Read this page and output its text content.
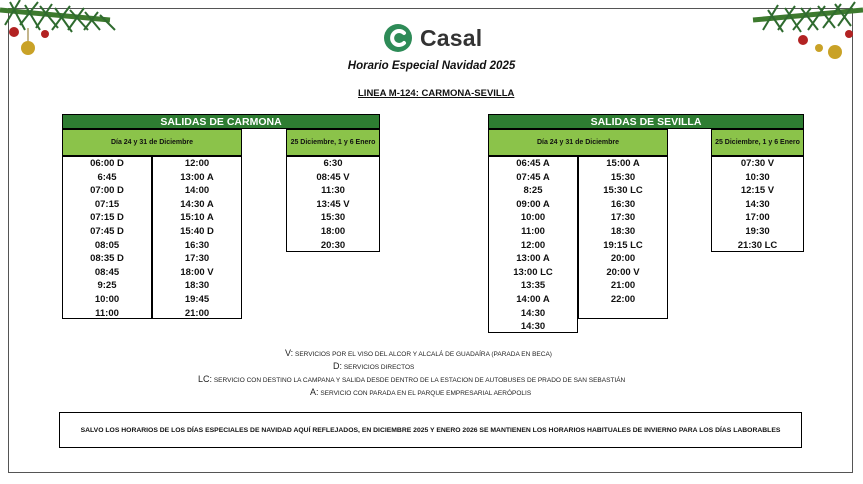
Casal
Horario Especial Navidad 2025
LINEA M-124: CARMONA-SEVILLA
SALIDAS DE CARMONA
Día 24 y 31 de Diciembre	25 Diciembre, 1 y 6 Enero
06:00 D
6:45
07:00 D
07:15
07:15 D
07:45 D
08:05
08:35 D
08:45
9:25
10:00
11:00
12:00
13:00 A
14:00
14:30 A
15:10 A
15:40 D
16:30
17:30
18:00 V
18:30
19:45
21:00
6:30
08:45 V
11:30
13:45 V
15:30
18:00
20:30
SALIDAS DE SEVILLA
Día 24 y 31 de Diciembre	25 Diciembre, 1 y 6 Enero
06:45 A
07:45 A
8:25
09:00 A
10:00
11:00
12:00
13:00 A
13:00 LC
13:35
14:00 A
14:30
14:30
15:00 A
15:30
15:30 LC
16:30
17:30
18:30
19:15 LC
20:00
20:00 V
21:00
22:00
07:30 V
10:30
12:15 V
14:30
17:00
19:30
21:30 LC
V: SERVICIOS POR EL VISO DEL ALCOR Y ALCALÁ DE GUADAÍRA (PARADA EN BECA)
D: SERVICIOS DIRECTOS
LC: SERVICIO CON DESTINO LA CAMPANA Y SALIDA DESDE DENTRO DE LA ESTACION DE AUTOBUSES DE PRADO DE SAN SEBASTIÁN
A: SERVICIO CON PARADA EN EL PARQUE EMPRESARIAL AERÓPOLIS
SALVO LOS HORARIOS DE LOS DÍAS ESPECIALES DE NAVIDAD AQUÍ REFLEJADOS, EN DICIEMBRE 2025 Y ENERO 2026 SE MANTIENEN LOS HORARIOS HABITUALES DE INVIERNO PARA LOS DÍAS LABORABLES
